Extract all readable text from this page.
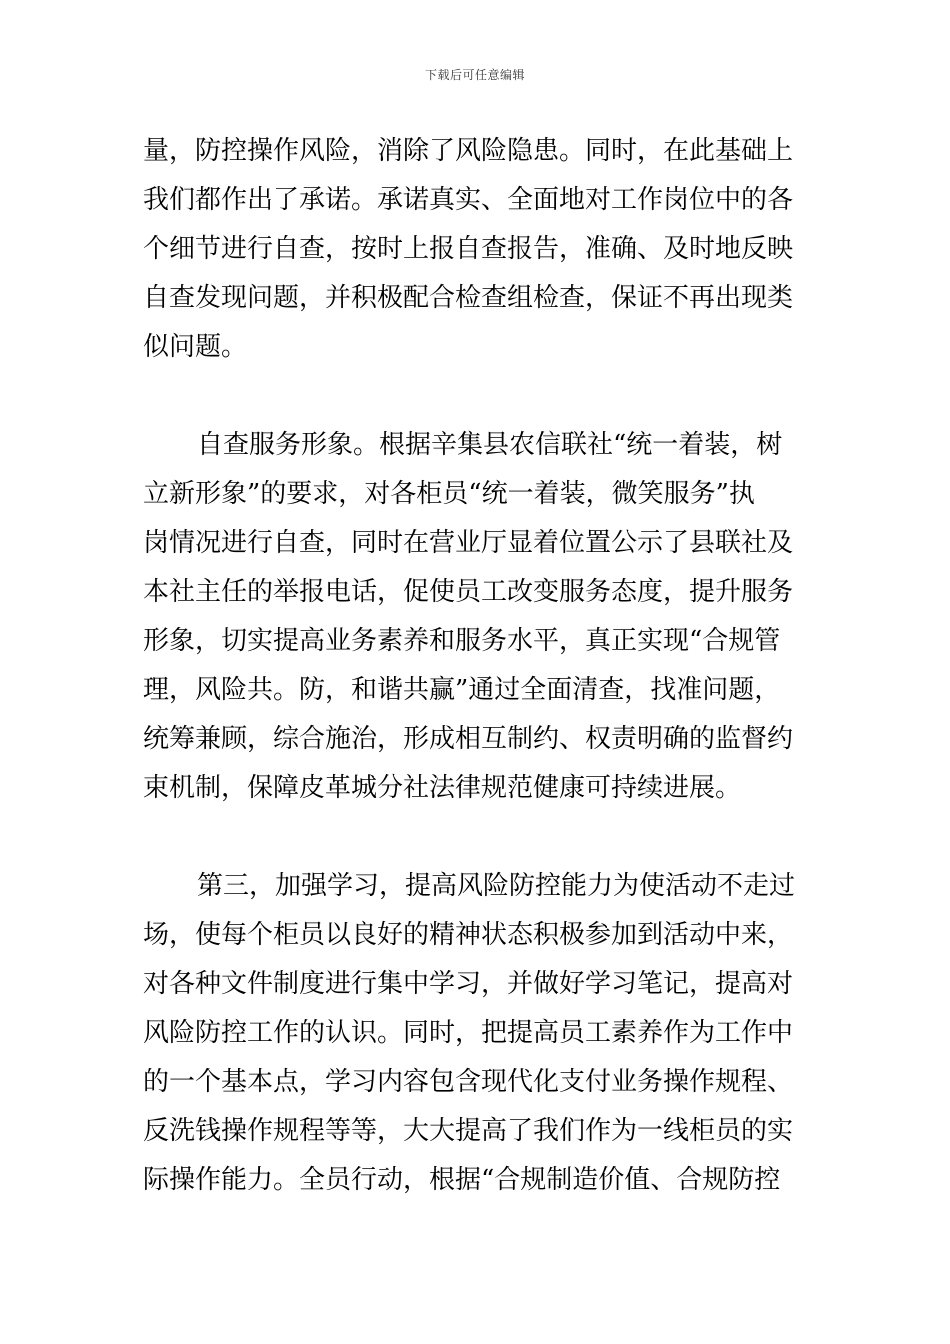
下载后可任意编辑
量，防控操作风险，消除了风险隐患。同时，在此基础上
我们都作出了承诺。承诺真实、全面地对工作岗位中的各
个细节进行自查，按时上报自查报告，准确、及时地反映
自查发现问题，并积极配合检查组检查，保证不再出现类
似问题。
自查服务形象。根据辛集县农信联社“统一着装，树
立新形象”的要求，对各柜员“统一着装，微笑服务”执
岗情况进行自查，同时在营业厅显着位置公示了县联社及
本社主任的举报电话，促使员工改变服务态度，提升服务
形象，切实提高业务素养和服务水平，真正实现“合规管
理，风险共。防，和谐共赢”通过全面清查，找准问题，
统筹兼顾，综合施治，形成相互制约、权责明确的监督约
束机制，保障皮革城分社法律规范健康可持续进展。
第三，加强学习，提高风险防控能力为使活动不走过
场，使每个柜员以良好的精神状态积极参加到活动中来，
对各种文件制度进行集中学习，并做好学习笔记，提高对
风险防控工作的认识。同时，把提高员工素养作为工作中
的一个基本点，学习内容包含现代化支付业务操作规程、
反洗钱操作规程等等，大大提高了我们作为一线柜员的实
际操作能力。全员行动，根据“合规制造价值、合规防控
